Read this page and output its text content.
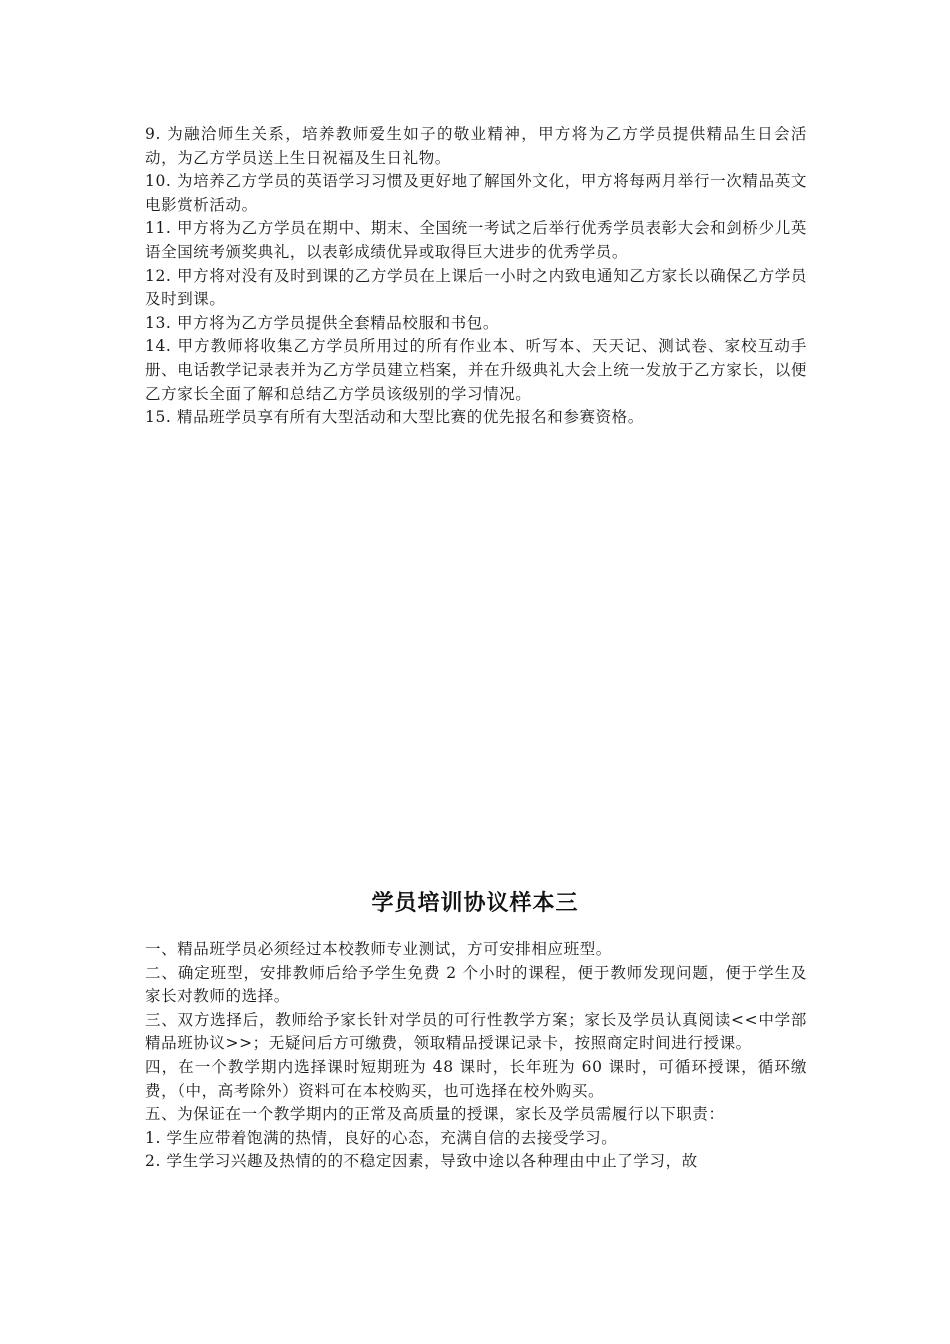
9. 为融洽师生关系，培养教师爱生如子的敬业精神，甲方将为乙方学员提供精品生日会活动，为乙方学员送上生日祝福及生日礼物。

10. 为培养乙方学员的英语学习习惯及更好地了解国外文化，甲方将每两月举行一次精品英文电影赏析活动。

11. 甲方将为乙方学员在期中、期末、全国统一考试之后举行优秀学员表彰大会和剑桥少儿英语全国统考颁奖典礼，以表彰成绩优异或取得巨大进步的优秀学员。

12. 甲方将对没有及时到课的乙方学员在上课后一小时之内致电通知乙方家长以确保乙方学员及时到课。

13. 甲方将为乙方学员提供全套精品校服和书包。

14. 甲方教师将收集乙方学员所用过的所有作业本、听写本、天天记、测试卷、家校互动手册、电话教学记录表并为乙方学员建立档案，并在升级典礼大会上统一发放于乙方家长，以便乙方家长全面了解和总结乙方学员该级别的学习情况。

15. 精品班学员享有所有大型活动和大型比赛的优先报名和参赛资格。

学员培训协议样本三

一、精品班学员必须经过本校教师专业测试，方可安排相应班型。

二、确定班型，安排教师后给予学生免费 2 个小时的课程，便于教师发现问题，便于学生及 家长对教师的选择。

三、双方选择后，教师给予家长针对学员的可行性教学方案；家长及学员认真阅读<<中学部精品班协议>>；无疑问后方可缴费，领取精品授课记录卡，按照商定时间进行授课。

四，在一个教学期内选择课时短期班为 48 课时，长年班为 60 课时，可循环授课，循环缴费，（中，高考除外）资料可在本校购买，也可选择在校外购买。

五、为保证在一个教学期内的正常及高质量的授课，家长及学员需履行以下职责：

1. 学生应带着饱满的热情，良好的心态，充满自信的去接受学习。

2. 学生学习兴趣及热情的的不稳定因素，导致中途以各种理由中止了学习，故
